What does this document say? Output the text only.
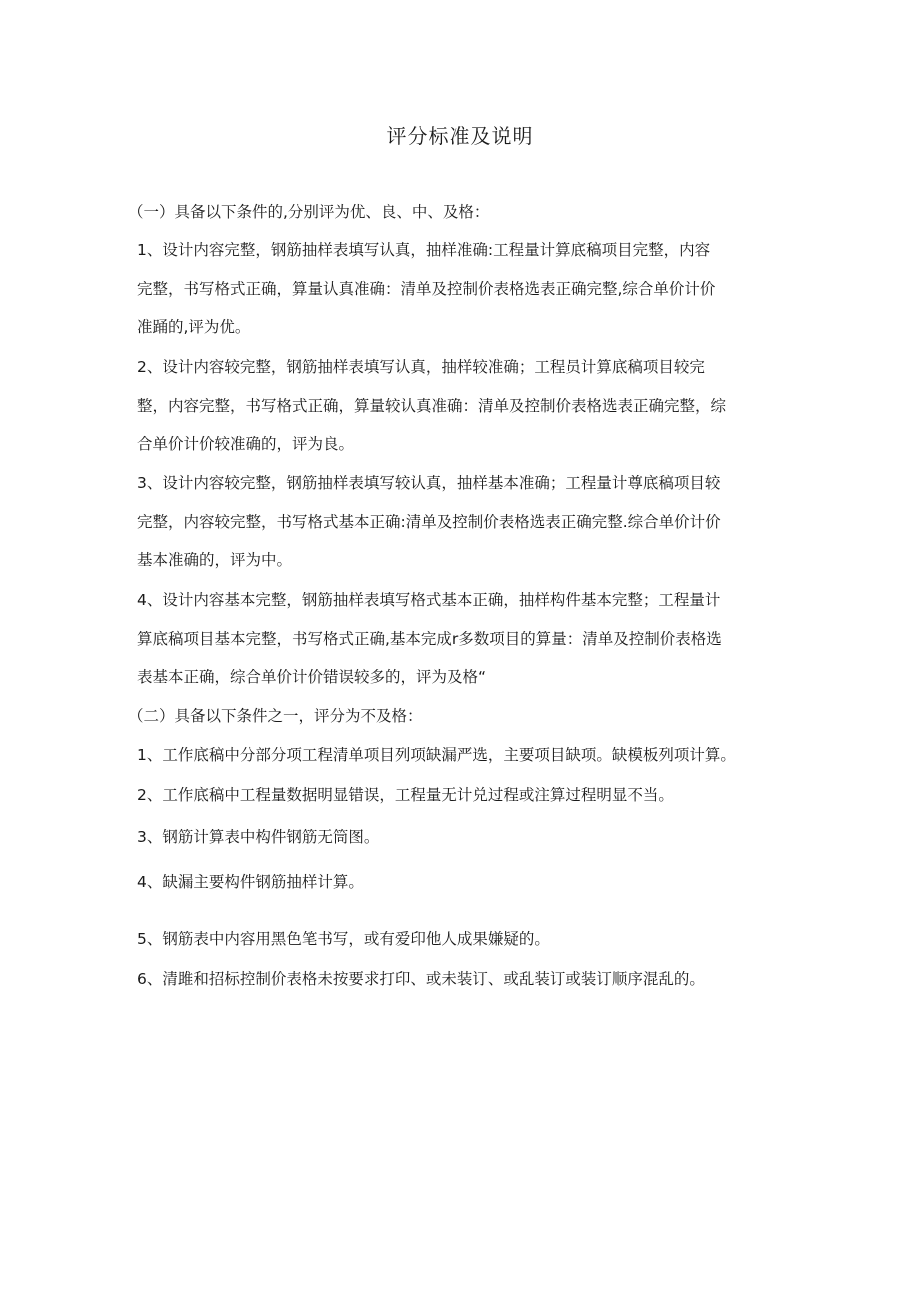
评分标准及说明
（一）具备以下条件的,分别评为优、良、中、及格：
1、设计内容完整，钢筋抽样表填写认真，抽样准确:工程量计算底稿项目完整，内容
完整，书写格式正确，算量认真准确：清单及控制价表格选表正确完整,综合单价计价
准踊的,评为优。
2、设计内容较完整，钢筋抽样表填写认真，抽样较准确；工程员计算底稿项目较完
整，内容完整，书写格式正确，算量较认真准确：清单及控制价表格选表正确完整，综
合单价计价较准确的，评为良。
3、设计内容较完整，钢筋抽样表填写较认真，抽样基本准确；工程量计尊底稿项目较
完整，内容较完整，书写格式基本正确:清单及控制价表格选表正确完整.综合单价计价
基本准确的，评为中。
4、设计内容基本完整，钢筋抽样表填写格式基本正确，抽样构件基本完整；工程量计
算底稿项目基本完整，书写格式正确,基本完成r多数项目的算量：清单及控制价表格选
表基本正确，综合单价计价错误较多的，评为及格“
（二）具备以下条件之一，评分为不及格：
1、工作底稿中分部分项工程清单项目列项缺漏严选，主要项目缺项。缺模板列项计算。
2、工作底稿中工程量数据明显错误，工程量无计兑过程或注算过程明显不当。
3、钢筋计算表中构件钢筋无筒图。
4、缺漏主要构件钢筋抽样计算。
5、钢筋表中内容用黑色笔书写，或有爱印他人成果嫌疑的。
6、清雎和招标控制价表格未按要求打印、或未装订、或乱装订或装订顺序混乱的。
